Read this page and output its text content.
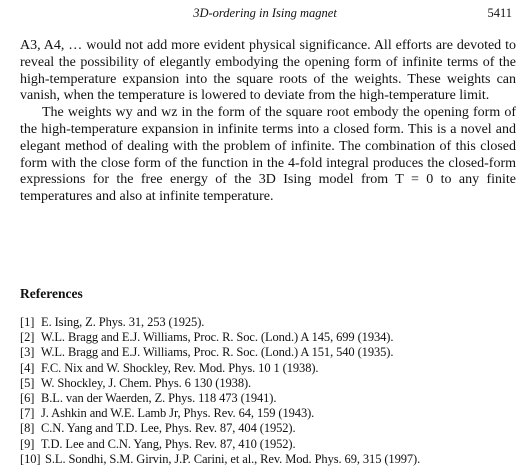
3D-ordering in Ising magnet	5411

A3, A4, … would not add more evident physical significance. All efforts are devoted to reveal the possibility of elegantly embodying the opening form of infinite terms of the high-temperature expansion into the square roots of the weights. These weights can vanish, when the temperature is lowered to deviate from the high-temperature limit.

The weights wy and wz in the form of the square root embody the opening form of the high-temperature expansion in infinite terms into a closed form. This is a novel and elegant method of dealing with the problem of infinite. The combination of this closed form with the close form of the function in the 4-fold integral produces the closed-form expressions for the free energy of the 3D Ising model from T = 0 to any finite temperatures and also at infinite temperature.

References
[1] E. Ising, Z. Phys. 31, 253 (1925).
[2] W.L. Bragg and E.J. Williams, Proc. R. Soc. (Lond.) A 145, 699 (1934).
[3] W.L. Bragg and E.J. Williams, Proc. R. Soc. (Lond.) A 151, 540 (1935).
[4] F.C. Nix and W. Shockley, Rev. Mod. Phys. 10 1 (1938).
[5] W. Shockley, J. Chem. Phys. 6 130 (1938).
[6] B.L. van der Waerden, Z. Phys. 118 473 (1941).
[7] J. Ashkin and W.E. Lamb Jr, Phys. Rev. 64, 159 (1943).
[8] C.N. Yang and T.D. Lee, Phys. Rev. 87, 404 (1952).
[9] T.D. Lee and C.N. Yang, Phys. Rev. 87, 410 (1952).
[10] S.L. Sondhi, S.M. Girvin, J.P. Carini, et al., Rev. Mod. Phys. 69, 315 (1997).
